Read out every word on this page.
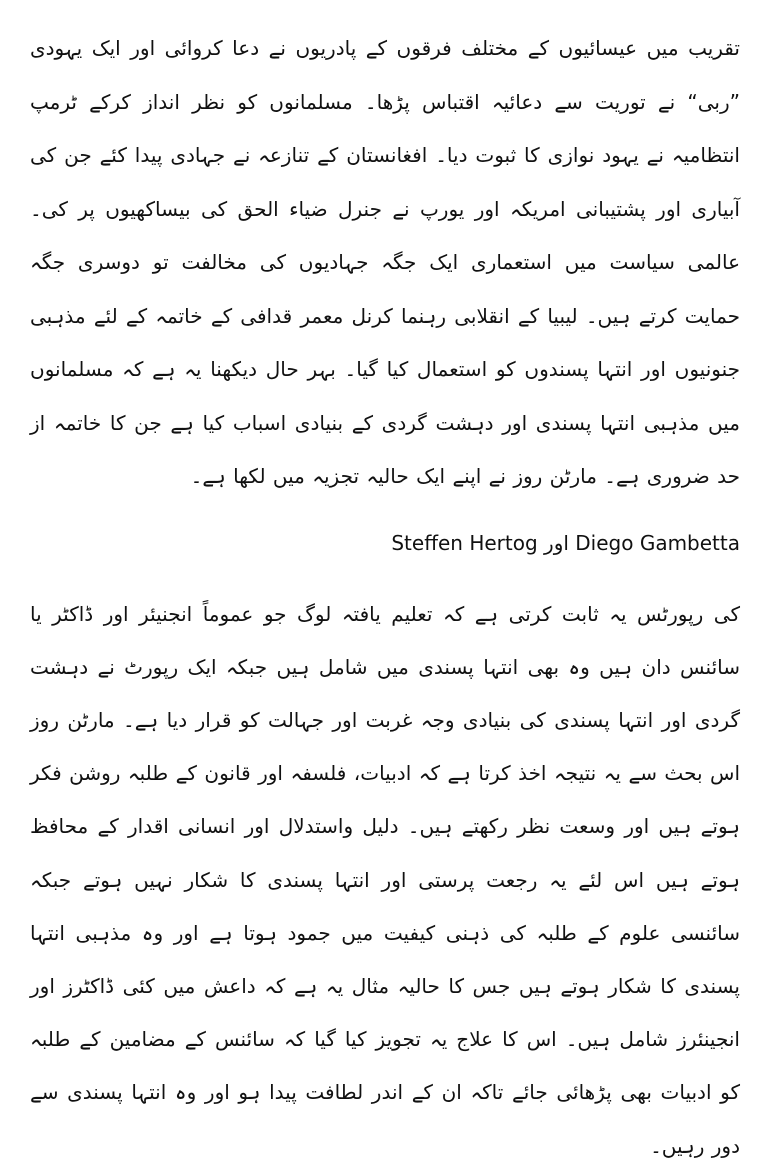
تقریب میں عیسائیوں کے مختلف فرقوں کے پادریوں نے دعا کروائی اور ایک یہودی ”ربی“ نے توریت سے دعائیہ اقتباس پڑھا۔ مسلمانوں کو نظر انداز کرکے ٹرمپ انتظامیہ نے یہود نوازی کا ثبوت دیا۔ افغانستان کے تنازعہ نے جہادی پیدا کئے جن کی آبیاری اور پشتیبانی امریکہ اور یورپ نے جنرل ضیاء الحق کی بیساکھیوں پر کی۔ عالمی سیاست میں استعماری ایک جگہ جہادیوں کی مخالفت تو دوسری جگہ حمایت کرتے ہیں۔ لیبیا کے انقلابی رہنما کرنل معمر قدافی کے خاتمہ کے لئے مذہبی جنونیوں اور انتہا پسندوں کو استعمال کیا گیا۔ بہر حال دیکھنا یہ ہے کہ مسلمانوں میں مذہبی انتہا پسندی اور دہشت گردی کے بنیادی اسباب کیا ہے جن کا خاتمہ از حد ضروری ہے۔ مارٹن روز نے اپنے ایک حالیہ تجزیہ میں لکھا ہے۔

Steffen Hertog اور Diego Gambetta

کی رپورٹس یہ ثابت کرتی ہے کہ تعلیم یافتہ لوگ جو عموماً انجنیئر اور ڈاکٹر یا سائنس دان ہیں وہ بھی انتہا پسندی میں شامل ہیں جبکہ ایک رپورٹ نے دہشت گردی اور انتہا پسندی کی بنیادی وجہ غربت اور جہالت کو قرار دیا ہے۔ مارٹن روز اس بحث سے یہ نتیجہ اخذ کرتا ہے کہ ادبیات، فلسفہ اور قانون کے طلبہ روشن فکر ہوتے ہیں اور وسعت نظر رکھتے ہیں۔ دلیل واستدلال اور انسانی اقدار کے محافظ ہوتے ہیں اس لئے یہ رجعت پرستی اور انتہا پسندی کا شکار نہیں ہوتے جبکہ سائنسی علوم کے طلبہ کی ذہنی کیفیت میں جمود ہوتا ہے اور وہ مذہبی انتہا پسندی کا شکار ہوتے ہیں جس کا حالیہ مثال یہ ہے کہ داعش میں کئی ڈاکٹرز اور انجینئرز شامل ہیں۔ اس کا علاج یہ تجویز کیا گیا کہ سائنس کے مضامین کے طلبہ کو ادبیات بھی پڑھائی جائے تاکہ ان کے اندر لطافت پیدا ہو اور وہ انتہا پسندی سے دور رہیں۔
